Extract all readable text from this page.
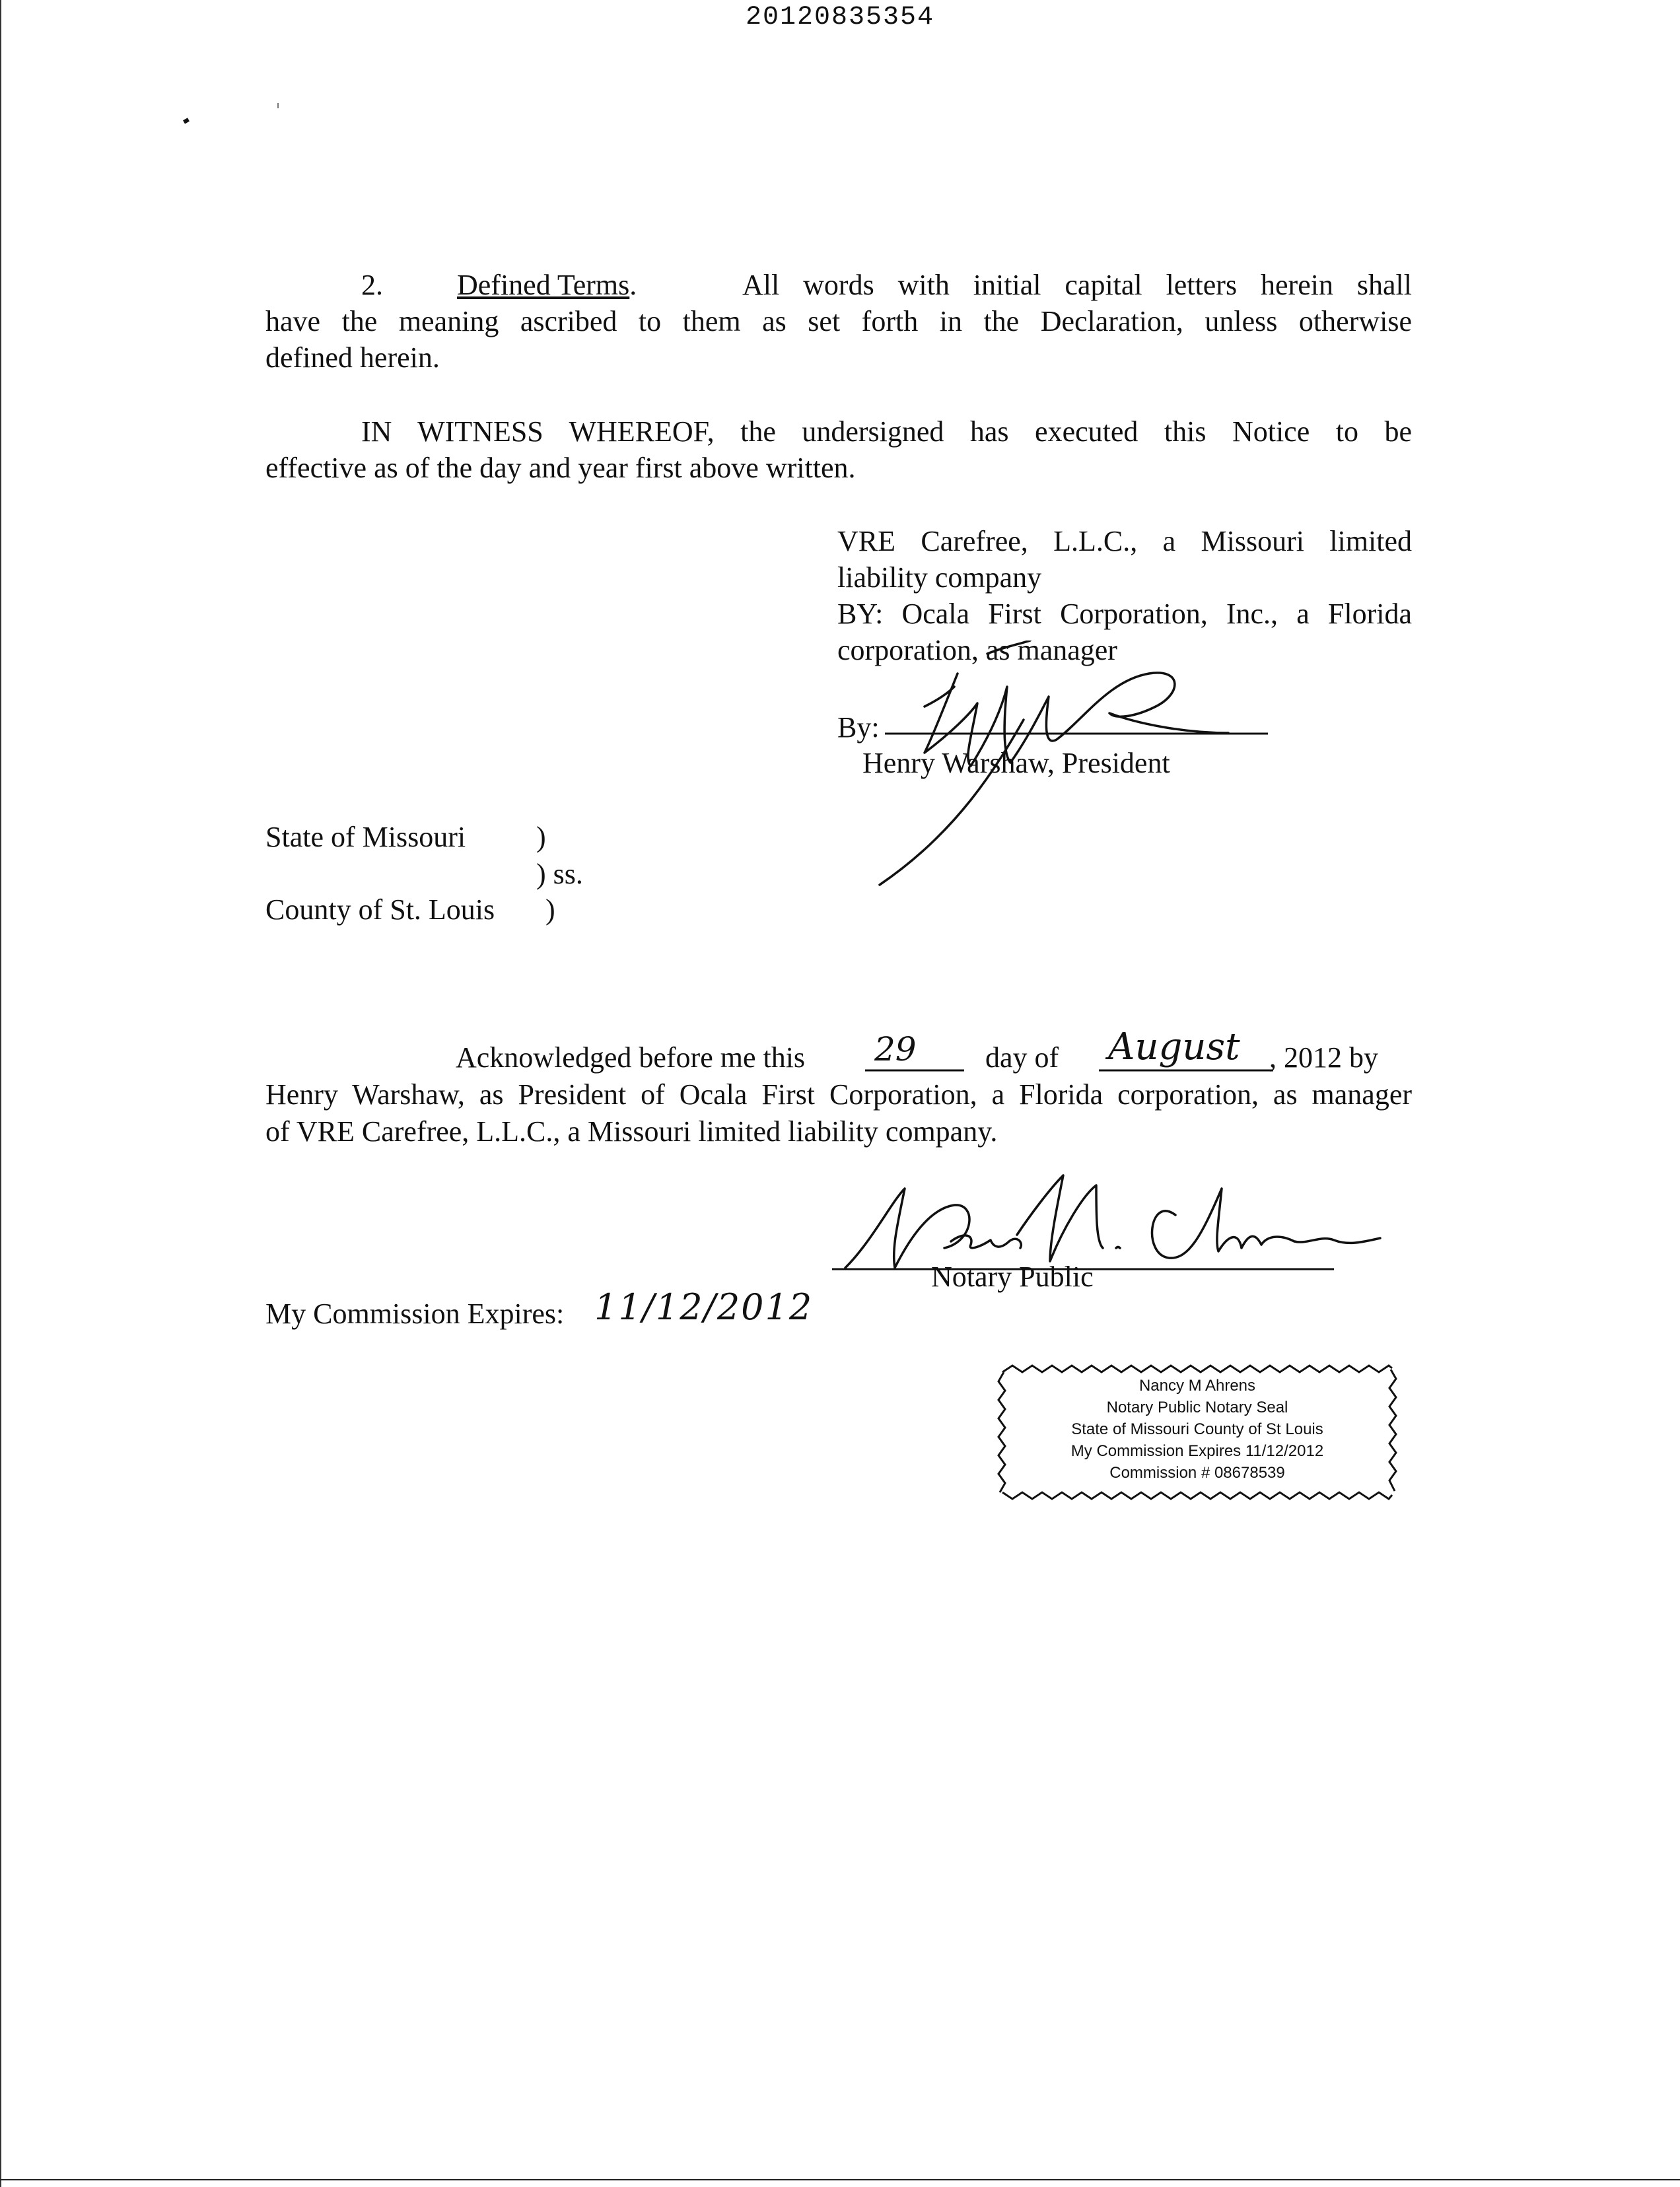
20120835354
2.	Defined Terms.	All words with initial capital letters herein shall
have the meaning ascribed to them as set forth in the Declaration, unless otherwise
defined herein.
IN WITNESS WHEREOF, the undersigned has executed this Notice to be
effective as of the day and year first above written.
VRE Carefree, L.L.C., a Missouri limited
liability company
BY: Ocala First Corporation, Inc., a Florida
corporation, as manager
By:
Henry Warshaw, President
State of Missouri )
) ss.
County of St. Louis )
Acknowledged before me this 29 day of August , 2012 by
Henry Warshaw, as President of Ocala First Corporation, a Florida corporation, as manager
of VRE Carefree, L.L.C., a Missouri limited liability company.
Notary Public
My Commission Expires: 11/12/2012
Nancy M Ahrens
Notary Public Notary Seal
State of Missouri County of St Louis
My Commission Expires 11/12/2012
Commission # 08678539
